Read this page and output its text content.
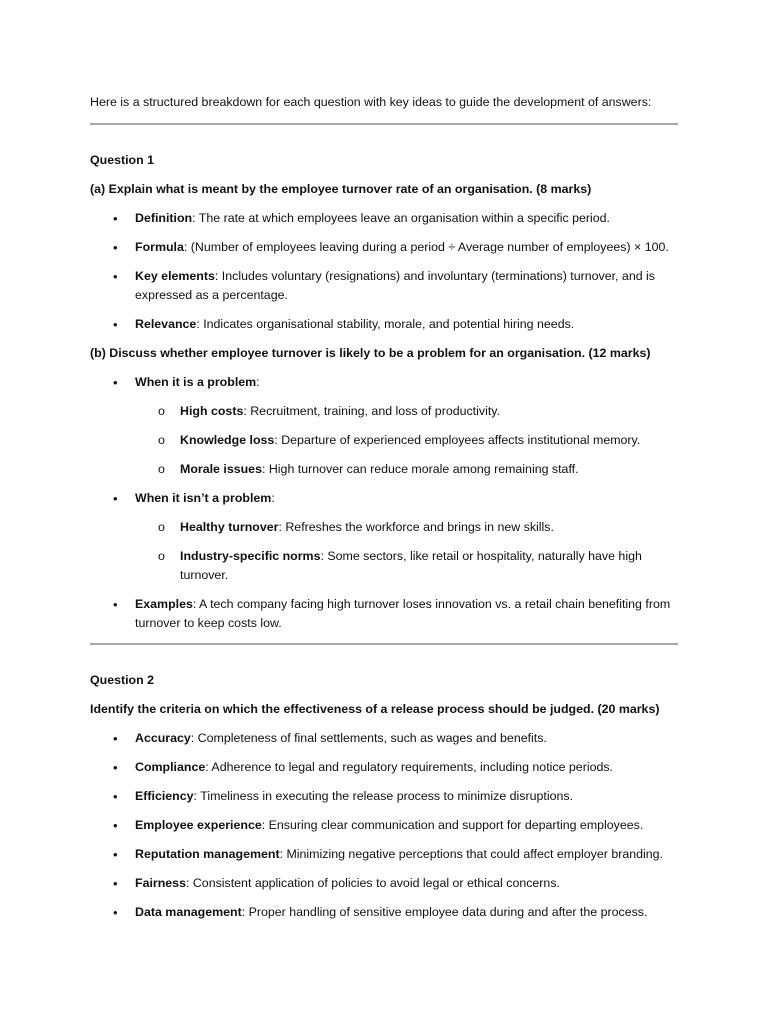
Here is a structured breakdown for each question with key ideas to guide the development of answers:

Question 1

(a) Explain what is meant by the employee turnover rate of an organisation. (8 marks)

• Definition: The rate at which employees leave an organisation within a specific period.
• Formula: (Number of employees leaving during a period ÷ Average number of employees) × 100.
• Key elements: Includes voluntary (resignations) and involuntary (terminations) turnover, and is expressed as a percentage.
• Relevance: Indicates organisational stability, morale, and potential hiring needs.

(b) Discuss whether employee turnover is likely to be a problem for an organisation. (12 marks)

• When it is a problem:
o High costs: Recruitment, training, and loss of productivity.
o Knowledge loss: Departure of experienced employees affects institutional memory.
o Morale issues: High turnover can reduce morale among remaining staff.
• When it isn’t a problem:
o Healthy turnover: Refreshes the workforce and brings in new skills.
o Industry-specific norms: Some sectors, like retail or hospitality, naturally have high turnover.
• Examples: A tech company facing high turnover loses innovation vs. a retail chain benefiting from turnover to keep costs low.

Question 2

Identify the criteria on which the effectiveness of a release process should be judged. (20 marks)

• Accuracy: Completeness of final settlements, such as wages and benefits.
• Compliance: Adherence to legal and regulatory requirements, including notice periods.
• Efficiency: Timeliness in executing the release process to minimize disruptions.
• Employee experience: Ensuring clear communication and support for departing employees.
• Reputation management: Minimizing negative perceptions that could affect employer branding.
• Fairness: Consistent application of policies to avoid legal or ethical concerns.
• Data management: Proper handling of sensitive employee data during and after the process.
